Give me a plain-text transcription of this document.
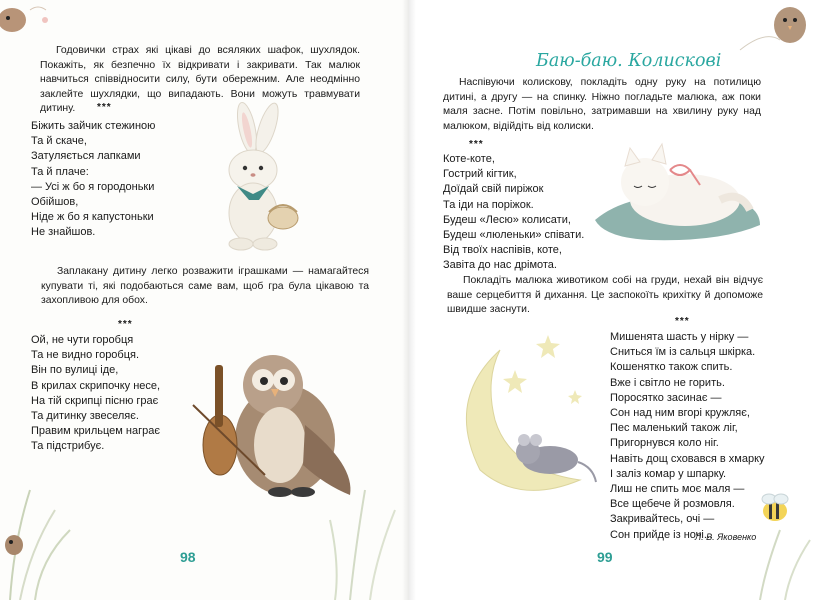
Годовички страх які цікаві до всяляких шафок, шухлядок. Покажіть, як безпечно їх відкривати і закривати. Так малюк навчиться співвідносити силу, бути обережним. Але неодмінно заклейте шухлядки, що випадають. Вони можуть травмувати дитину.	***
Біжить зайчик стежиною
Та й скаче,
Затуляється лапками
Та й плаче:
— Усі ж бо я городоньки
Обійшов,
Ніде ж бо я капустоньки
Не знайшов.

Заплакану дитину легко розважити іграшками — намагайтеся купувати ті, які подобаються саме вам, щоб гра була цікавою та захопливою для обох.

***
Ой, не чути горобця
Та не видно горобця.
Він по вулиці іде,
В крилах скрипочку несе,
На тій скрипці пісню грає
Та дитинку звеселяє.
Правим крильцем награє
Та підстрибує.
98
Баю-баю. Колискові

Наспівуючи колискову, покладіть одну руку на потилицю дитині, а другу — на спинку. Ніжно погладьте малюка, аж поки маля засне. Потім повільно, затримавши на хвилину руку над малюком, відійдіть від колиски.

***
Коте-коте,
Гострий кігтик,
Доїдай свій пиріжок
Та іди на поріжок.
Будеш «Лесю» колисати,
Будеш «люленьки» співати.
Від твоїх наспівів, коте,
Завіта до нас дрімота.

Покладіть малюка животиком собі на груди, нехай він відчує ваше серцебиття й дихання. Це заспокоїть крихітку й допоможе швидше заснути.

***
Мишенята шасть у нірку —
Сниться їм із сальця шкірка.
Кошенятко також спить.
Вже і світло не горить.
Поросятко засинає —
Сон над ним вгорі кружляє,
Пес маленький також ліг,
Пригорнувся коло ніг.
Навіть дощ сховався в хмарку
І заліз комар у шпарку.
Лиш не спить моє маля —
Все щебече й розмовля.
Закривайтесь, очі —
Сон прийде із ночі...
Л. В. Яковенко
99
